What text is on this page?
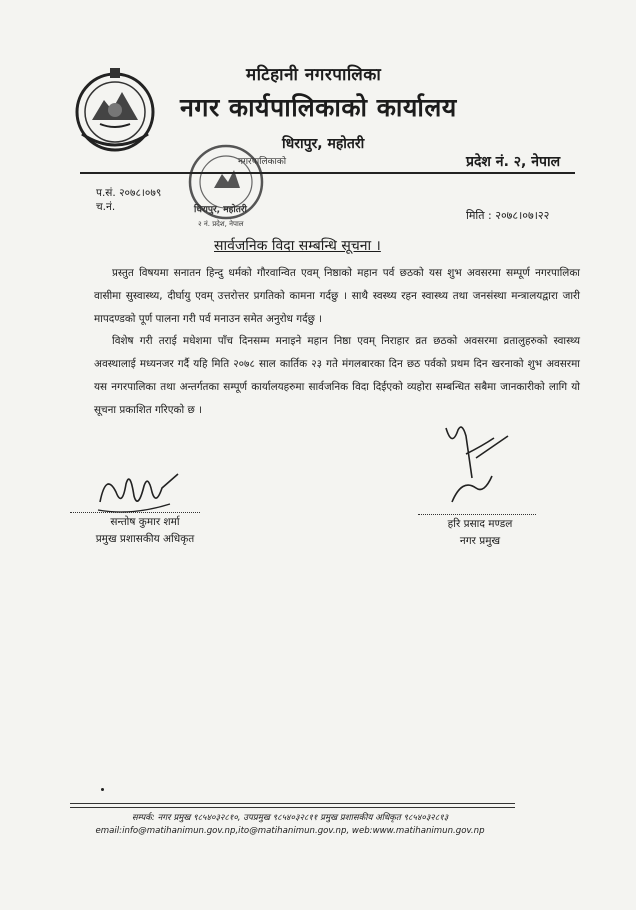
मटिहानी नगरपालिका
नगर कार्यपालिकाको कार्यालय
धिरापुर, महोतरी
नगरपालिकाको
धिरापुर, महोतरी
२ नं. प्रदेश, नेपाल
प्रदेश नं. २, नेपाल
प.सं. २०७८।०७९
च.नं.
मिति : २०७८।०७।२२
सार्वजनिक विदा सम्बन्धि सूचना ।
प्रस्तुत विषयमा सनातन हिन्दु धर्मको गौरवान्वित एवम् निष्ठाको महान पर्व छठको यस शुभ अवसरमा सम्पूर्ण नगरपालिका वासीमा सुस्वास्थ्य, दीर्घायु एवम् उत्तरोत्तर प्रगतिको कामना गर्दछु । साथै स्वस्थ्य रहन स्वास्थ्य तथा जनसंस्था मन्त्रालयद्वारा जारी मापदण्डको पूर्ण पालना गरी पर्व मनाउन समेत अनुरोध गर्दछु ।
विशेष गरी तराई मधेशमा पाँच दिनसम्म मनाइने महान निष्ठा एवम् निराहार व्रत छठको अवसरमा व्रतालुहरुको स्वास्थ्य अवस्थालाई मध्यनजर गर्दै यहि मिति २०७८ साल कार्तिक २३ गते मंगलबारका दिन छठ पर्वको प्रथम दिन खरनाको शुभ अवसरमा यस नगरपालिका तथा अन्तर्गतका सम्पूर्ण कार्यालयहरुमा सार्वजनिक विदा दिईएको व्यहोरा सम्बन्धित सबैमा जानकारीको लागि यो सूचना प्रकाशित गरिएको छ ।
सन्तोष कुमार शर्मा
प्रमुख प्रशासकीय अधिकृत
हरि प्रसाद मण्डल
नगर प्रमुख
सम्पर्क: नगर प्रमुख ९८५४०३२८१०, उपप्रमुख ९८५४०३२८११ प्रमुख प्रशासकीय अधिकृत ९८५४०३२८१३
email:info@matihanimun.gov.np,ito@matihanimun.gov.np, web:www.matihanimun.gov.np
